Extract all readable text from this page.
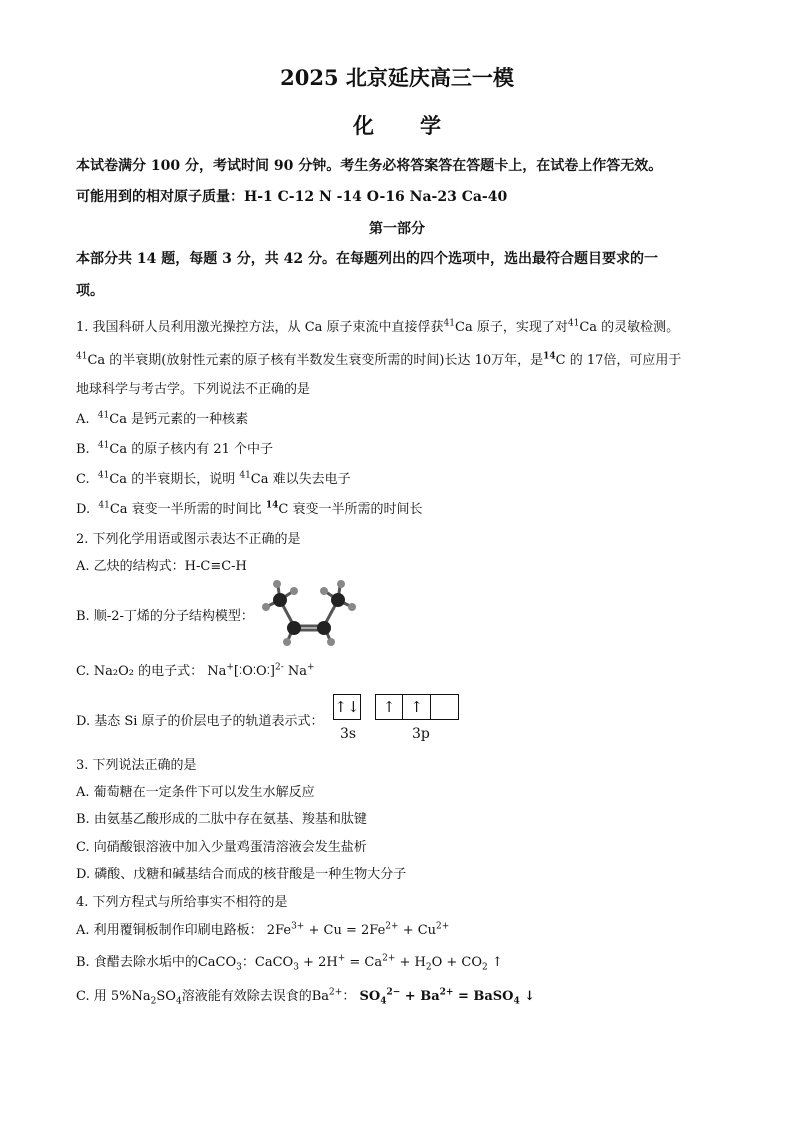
2025 北京延庆高三一模
化 学
本试卷满分 100 分，考试时间 90 分钟。考生务必将答案答在答题卡上，在试卷上作答无效。
可能用到的相对原子质量：H-1 C-12 N -14 O-16 Na-23 Ca-40
第一部分
本部分共 14 题，每题 3 分，共 42 分。在每题列出的四个选项中，选出最符合题目要求的一
项。
1. 我国科研人员利用激光操控方法，从 Ca 原子束流中直接俘获$^{41}$Ca 原子，实现了对$^{41}$Ca 的灵敏检测。
$^{41}$Ca 的半衰期(放射性元素的原子核有半数发生衰变所需的时间)长达 10万年，是$^{14}$C 的 17倍，可应用于
地球科学与考古学。下列说法不正确的是
A.  $^{41}$Ca 是钙元素的一种核素
B.  $^{41}$Ca 的原子核内有 21 个中子
C.  $^{41}$Ca 的半衰期长，说明 $^{41}$Ca 难以失去电子
D.  $^{41}$Ca 衰变一半所需的时间比 $^{14}$C 衰变一半所需的时间长
2. 下列化学用语或图示表达不正确的是
A. 乙炔的结构式：H-C≡C-H
B. 顺-2-丁烯的分子结构模型：
C. Na₂O₂ 的电子式： Na+[⁚O⁚O⁚]$^{2-}$ Na+
D. 基态 Si 原子的价层电子的轨道表示式：
↑↓	↑ ↑
3s	3p
3. 下列说法正确的是
A. 葡萄糖在一定条件下可以发生水解反应
B. 由氨基乙酸形成的二肽中存在氨基、羧基和肽键
C. 向硝酸银溶液中加入少量鸡蛋清溶液会发生盐析
D. 磷酸、戊糖和碱基结合而成的核苷酸是一种生物大分子
4. 下列方程式与所给事实不相符的是
A. 利用覆铜板制作印刷电路板： $2Fe^{3+} + Cu = 2Fe^{2+} + Cu^{2+}$
B. 食醋去除水垢中的CaCO$_3$：CaCO$_3$ + $2H^+ = Ca^{2+} + H_2O + CO_2$ ↑
C. 用 $5\%Na_2SO_4$溶液能有效除去误食的$Ba^{2+}$： $SO_4^{2-} + Ba^{2+}$ = BaSO$_4$ ↓
